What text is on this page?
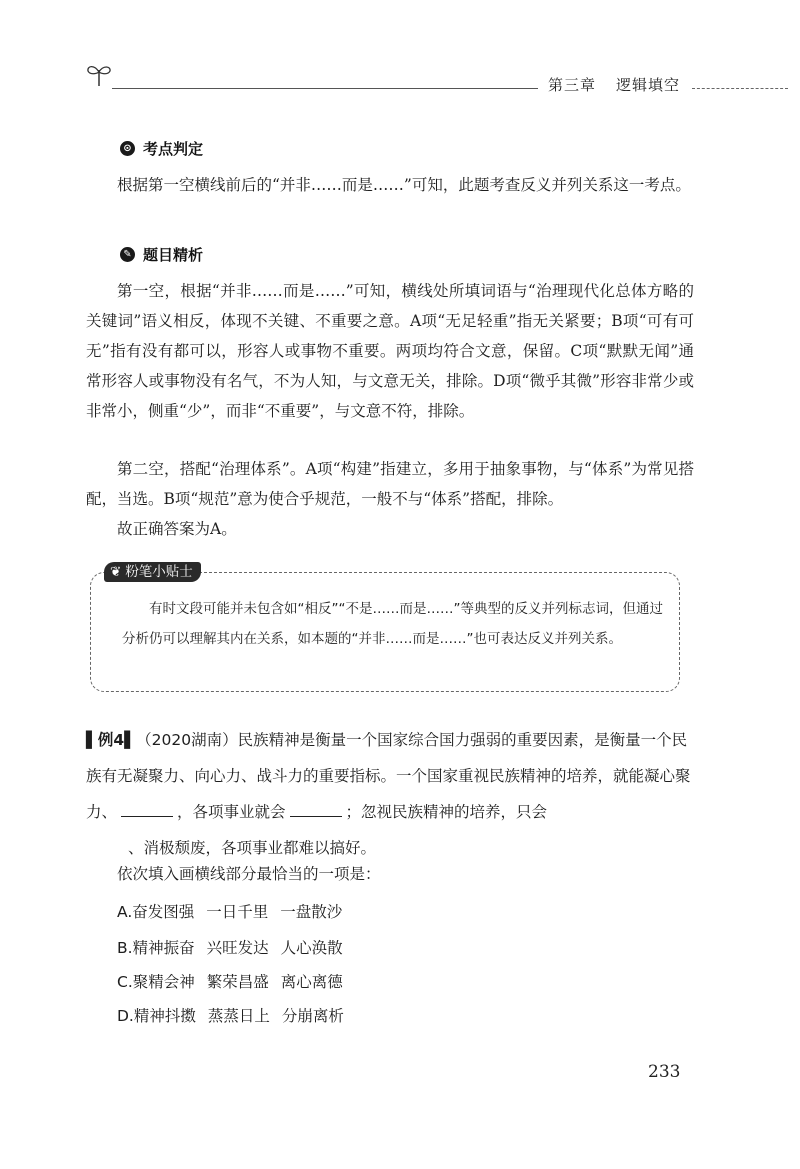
第三章 逻辑填空
⊙ 考点判定

根据第一空横线前后的“并非……而是……”可知，此题考查反义并列关系这一考点。

✎ 题目精析

第一空，根据“并非……而是……”可知，横线处所填词语与“治理现代化总体方略的关键词”语义相反，体现不关键、不重要之意。A项“无足轻重”指无关紧要；B项“可有可无”指有没有都可以，形容人或事物不重要。两项均符合文意，保留。C项“默默无闻”通常形容人或事物没有名气，不为人知，与文意无关，排除。D项“微乎其微”形容非常少或非常小，侧重“少”，而非“不重要”，与文意不符，排除。

第二空，搭配“治理体系”。A项“构建”指建立，多用于抽象事物，与“体系”为常见搭配，当选。B项“规范”意为使合乎规范，一般不与“体系”搭配，排除。

故正确答案为A。

❦ 粉笔小贴士

有时文段可能并未包含如“相反”“不是……而是……”等典型的反义并列标志词，但通过分析仍可以理解其内在关系，如本题的“并非……而是……”也可表达反义并列关系。

▌例4▌（2020湖南）民族精神是衡量一个国家综合国力强弱的重要因素，是衡量一个民族有无凝聚力、向心力、战斗力的重要指标。一个国家重视民族精神的培养，就能凝心聚力、	，各项事业就会	；忽视民族精神的培养，只会
、消极颓废，各项事业都难以搞好。

依次填入画横线部分最恰当的一项是：
A.奋发图强 一日千里 一盘散沙
B.精神振奋 兴旺发达 人心涣散
C.聚精会神 繁荣昌盛 离心离德
D.精神抖擞 蒸蒸日上 分崩离析
233
